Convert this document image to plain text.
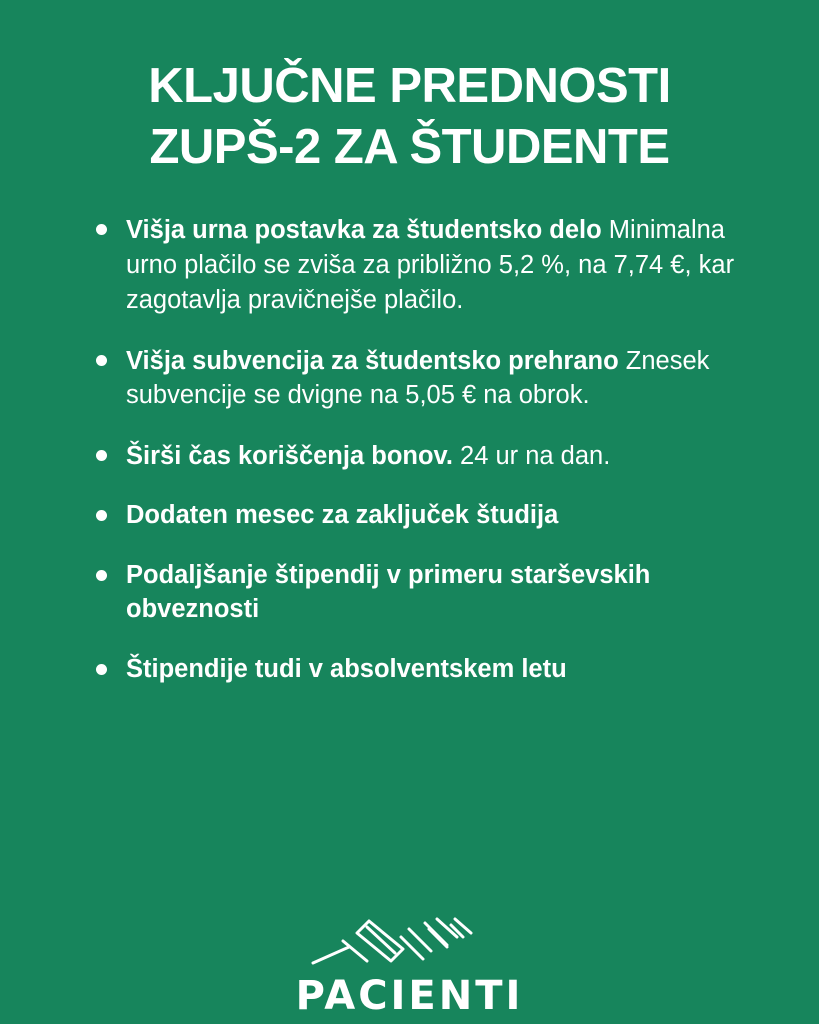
KLJUČNE PREDNOSTI
ZUPŠ-2 ZA ŠTUDENTE
Višja urna postavka za študentsko delo Minimalna urno plačilo se zviša za približno 5,2 %, na 7,74 €, kar zagotavlja pravičnejše plačilo.
Višja subvencija za študentsko prehrano Znesek subvencije se dvigne na 5,05 € na obrok.
Širši čas koriščenja bonov. 24 ur na dan.
Dodaten mesec za zaključek študija
Podaljšanje štipendij v primeru starševskih obveznosti
Štipendije tudi v absolventskem letu
PACIENTI
